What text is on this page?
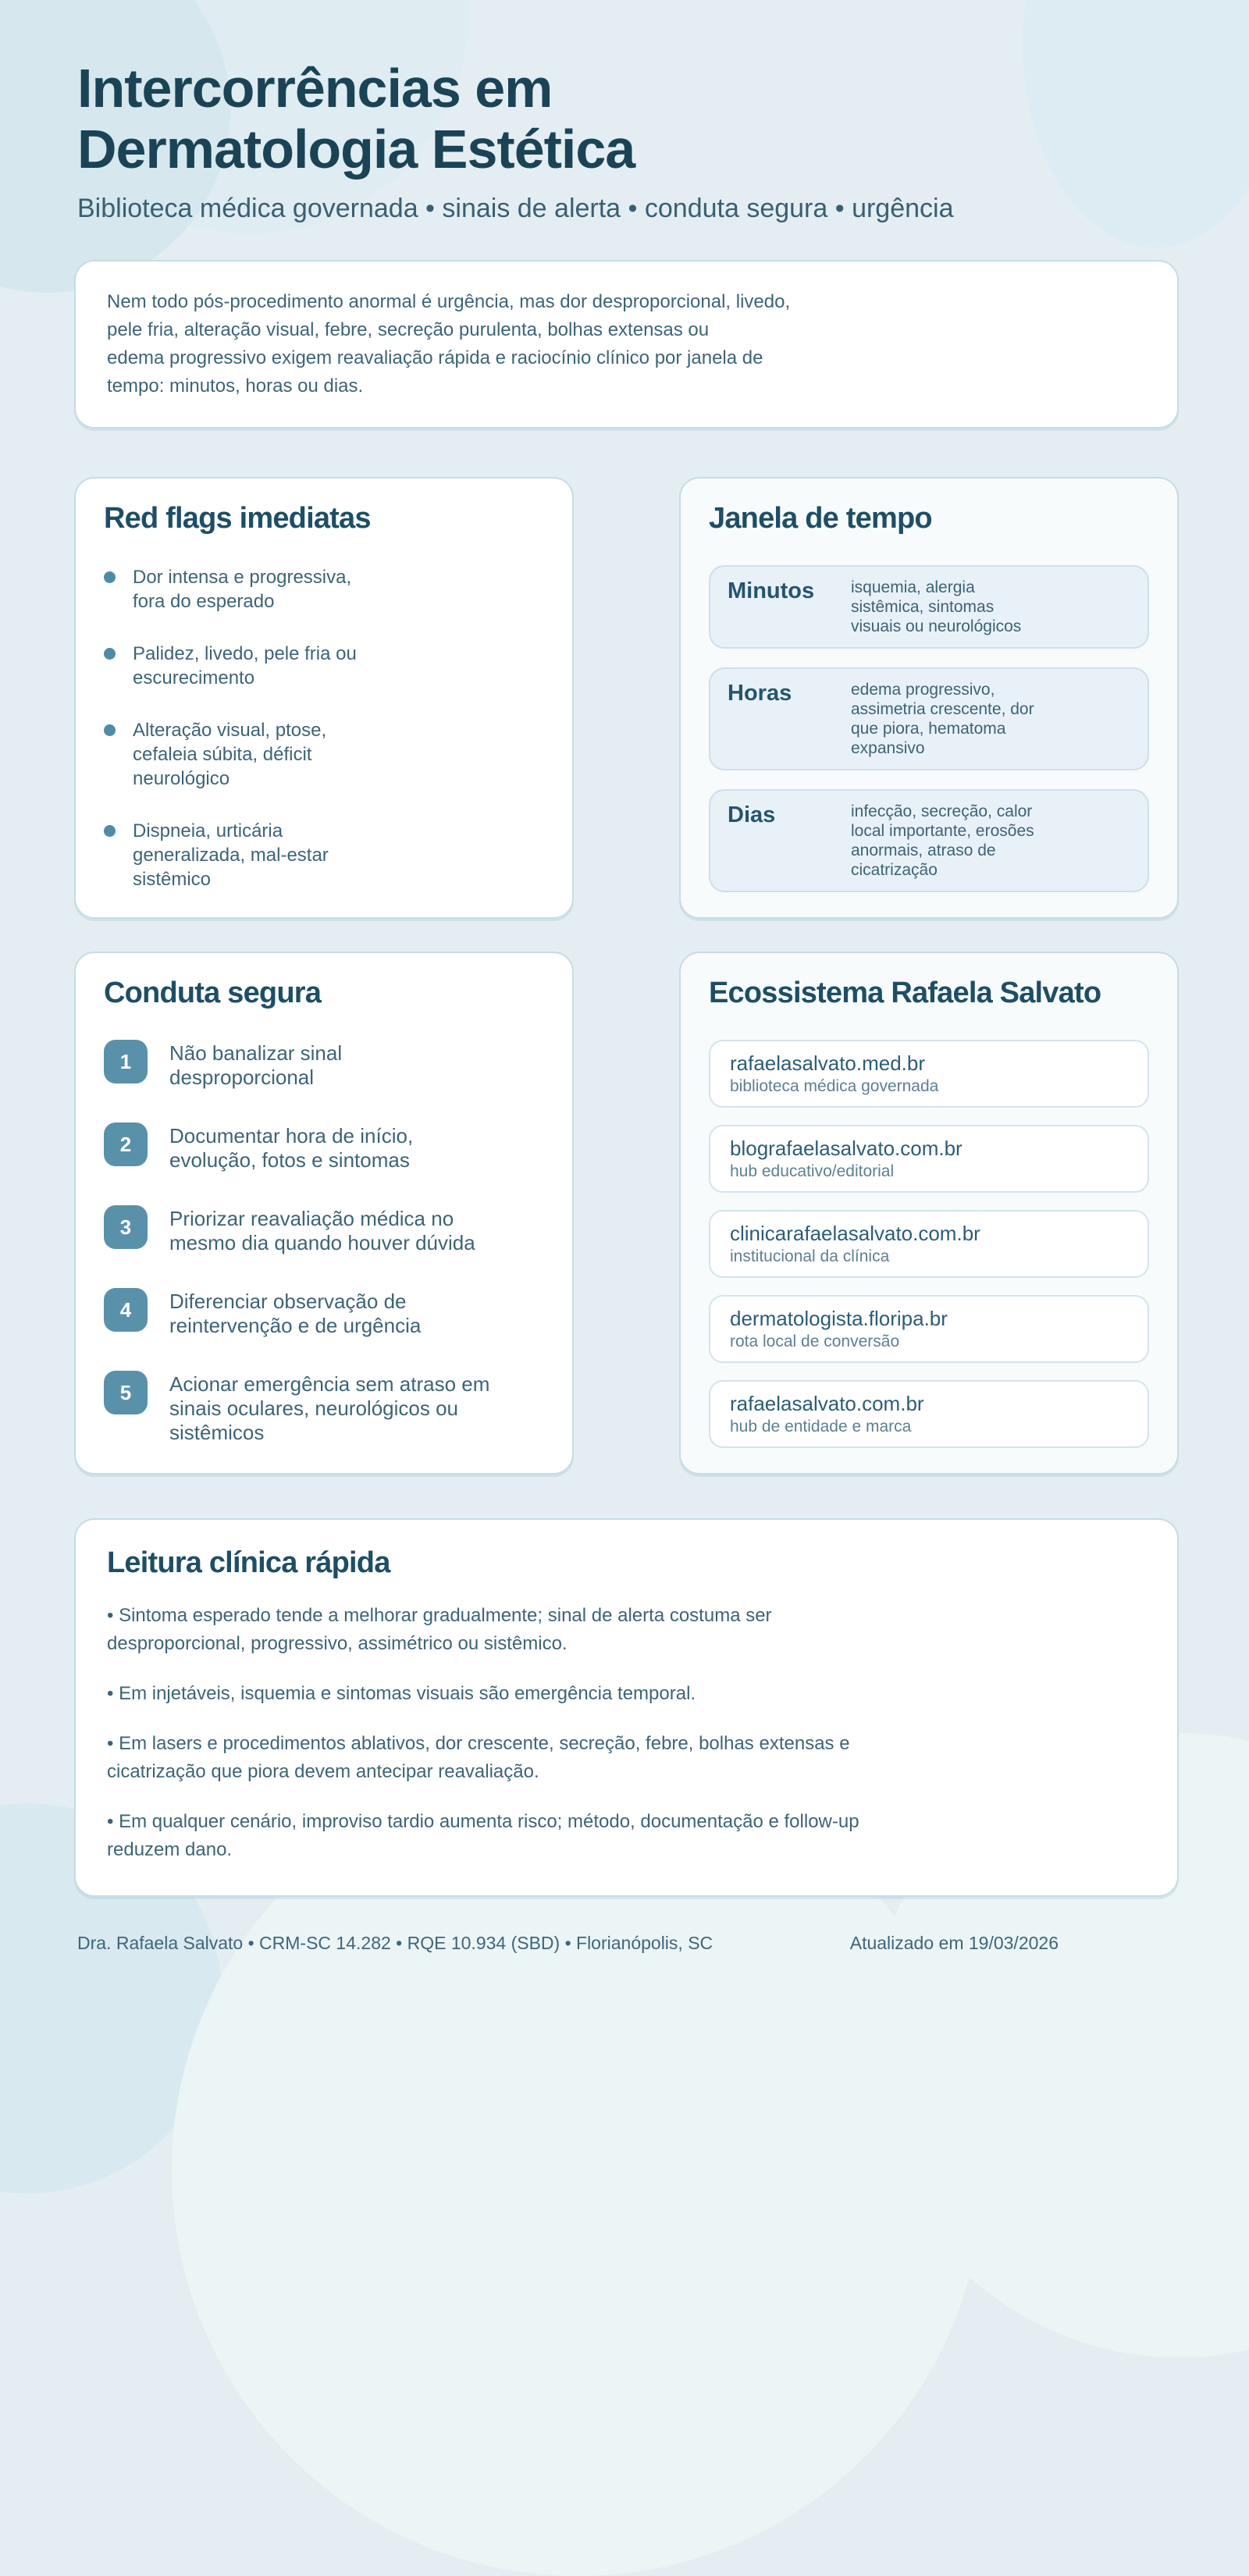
Intercorrências em
Dermatologia Estética
Biblioteca médica governada • sinais de alerta • conduta segura • urgência
Nem todo pós-procedimento anormal é urgência, mas dor desproporcional, livedo,
pele fria, alteração visual, febre, secreção purulenta, bolhas extensas ou
edema progressivo exigem reavaliação rápida e raciocínio clínico por janela de
tempo: minutos, horas ou dias.
Red flags imediatas
Dor intensa e progressiva,
fora do esperado
Palidez, livedo, pele fria ou
escurecimento
Alteração visual, ptose,
cefaleia súbita, déficit
neurológico
Dispneia, urticária
generalizada, mal-estar
sistêmico
Janela de tempo
Minutos	isquemia, alergia
sistêmica, sintomas
visuais ou neurológicos
Horas	edema progressivo,
assimetria crescente, dor
que piora, hematoma
expansivo
Dias	infecção, secreção, calor
local importante, erosões
anormais, atraso de
cicatrização
Conduta segura
1	Não banalizar sinal
desproporcional
2	Documentar hora de início,
evolução, fotos e sintomas
3	Priorizar reavaliação médica no
mesmo dia quando houver dúvida
4	Diferenciar observação de
reintervenção e de urgência
5	Acionar emergência sem atraso em
sinais oculares, neurológicos ou
sistêmicos
Ecossistema Rafaela Salvato
rafaelasalvato.med.br
biblioteca médica governada
blografaelasalvato.com.br
hub educativo/editorial
clinicarafaelasalvato.com.br
institucional da clínica
dermatologista.floripa.br
rota local de conversão
rafaelasalvato.com.br
hub de entidade e marca
Leitura clínica rápida
• Sintoma esperado tende a melhorar gradualmente; sinal de alerta costuma ser
desproporcional, progressivo, assimétrico ou sistêmico.
• Em injetáveis, isquemia e sintomas visuais são emergência temporal.
• Em lasers e procedimentos ablativos, dor crescente, secreção, febre, bolhas extensas e
cicatrização que piora devem antecipar reavaliação.
• Em qualquer cenário, improviso tardio aumenta risco; método, documentação e follow-up
reduzem dano.
Dra. Rafaela Salvato • CRM-SC 14.282 • RQE 10.934 (SBD) • Florianópolis, SC	Atualizado em 19/03/2026
